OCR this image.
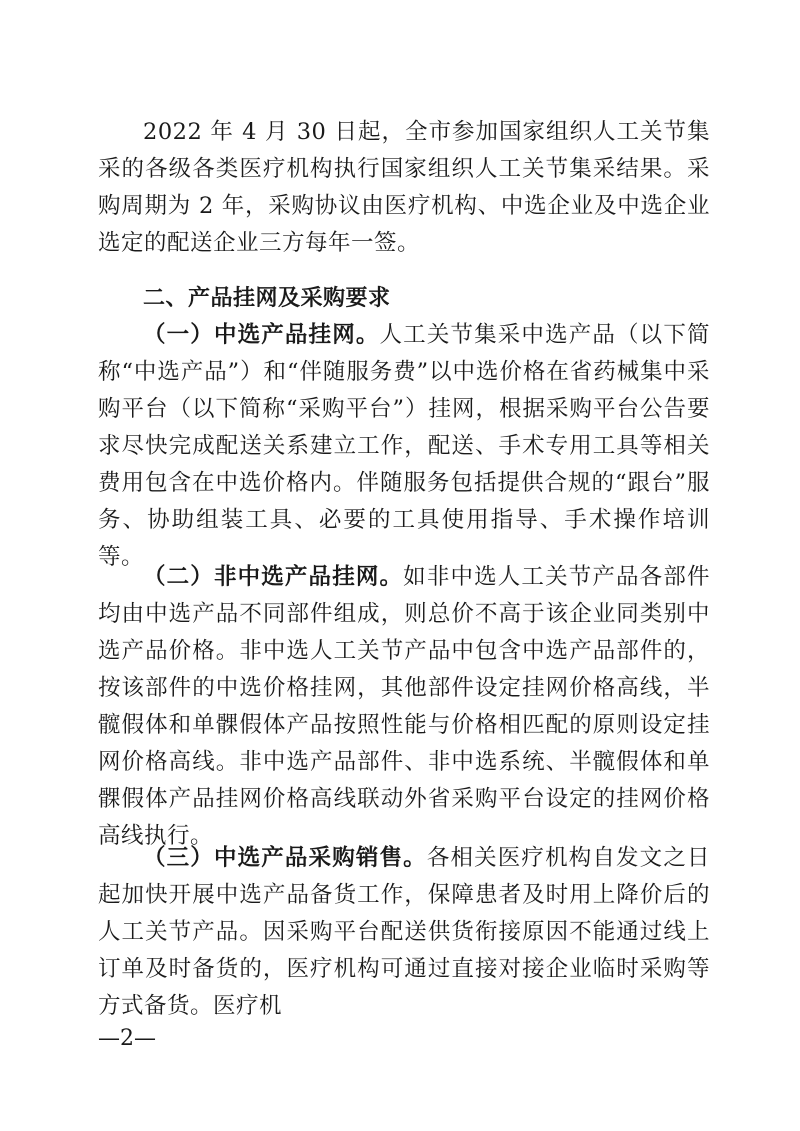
2022 年 4 月 30 日起，全市参加国家组织人工关节集采的各级各类医疗机构执行国家组织人工关节集采结果。采购周期为 2 年，采购协议由医疗机构、中选企业及中选企业选定的配送企业三方每年一签。

二、产品挂网及采购要求

（一）中选产品挂网。人工关节集采中选产品（以下简称“中选产品”）和“伴随服务费”以中选价格在省药械集中采购平台（以下简称“采购平台”）挂网，根据采购平台公告要求尽快完成配送关系建立工作，配送、手术专用工具等相关费用包含在中选价格内。伴随服务包括提供合规的“跟台”服务、协助组装工具、必要的工具使用指导、手术操作培训等。

（二）非中选产品挂网。如非中选人工关节产品各部件均由中选产品不同部件组成，则总价不高于该企业同类别中选产品价格。非中选人工关节产品中包含中选产品部件的，按该部件的中选价格挂网，其他部件设定挂网价格高线，半髋假体和单髁假体产品按照性能与价格相匹配的原则设定挂网价格高线。非中选产品部件、非中选系统、半髋假体和单髁假体产品挂网价格高线联动外省采购平台设定的挂网价格高线执行。

（三）中选产品采购销售。各相关医疗机构自发文之日起加快开展中选产品备货工作，保障患者及时用上降价后的人工关节产品。因采购平台配送供货衔接原因不能通过线上订单及时备货的，医疗机构可通过直接对接企业临时采购等方式备货。医疗机

—2—
